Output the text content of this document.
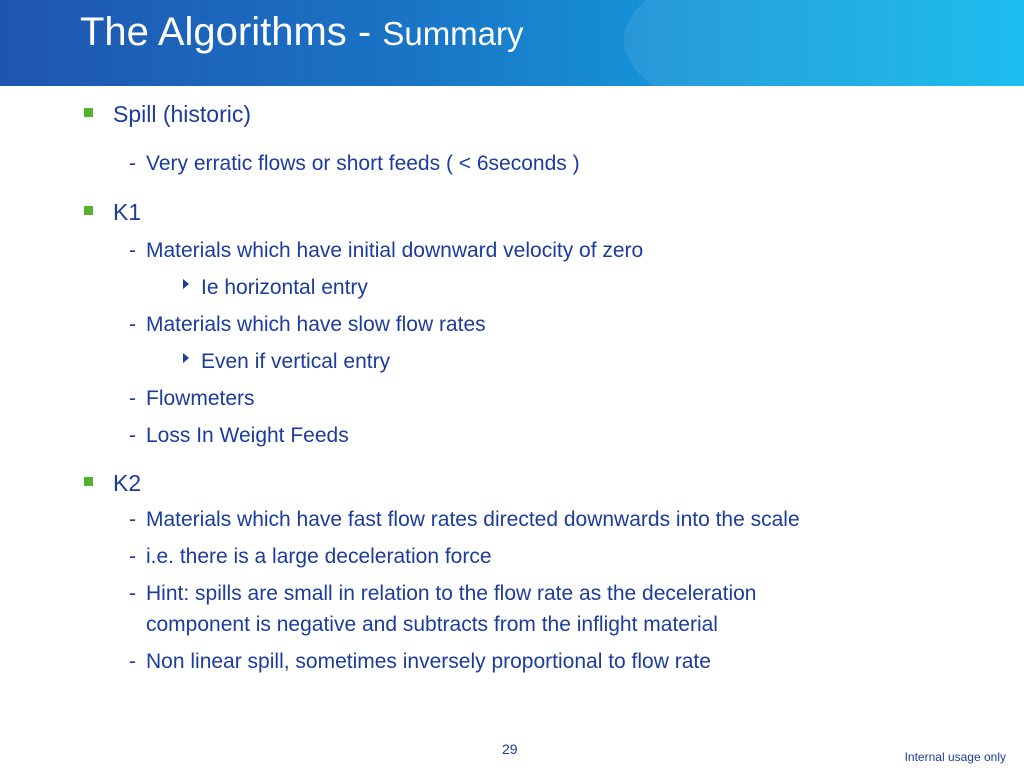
The Algorithms - Summary
Spill (historic)
- Very erratic flows or short feeds ( < 6seconds )
K1
- Materials which have initial downward velocity of zero
Ie horizontal entry
- Materials which have slow flow rates
Even if vertical entry
- Flowmeters
- Loss In Weight Feeds
K2
- Materials which have fast flow rates directed downwards into the scale
- i.e. there is a large deceleration force
- Hint: spills are small in relation to the flow rate as the deceleration
component is negative and subtracts from the inflight material
- Non linear spill, sometimes inversely proportional to flow rate
29	Internal usage only
